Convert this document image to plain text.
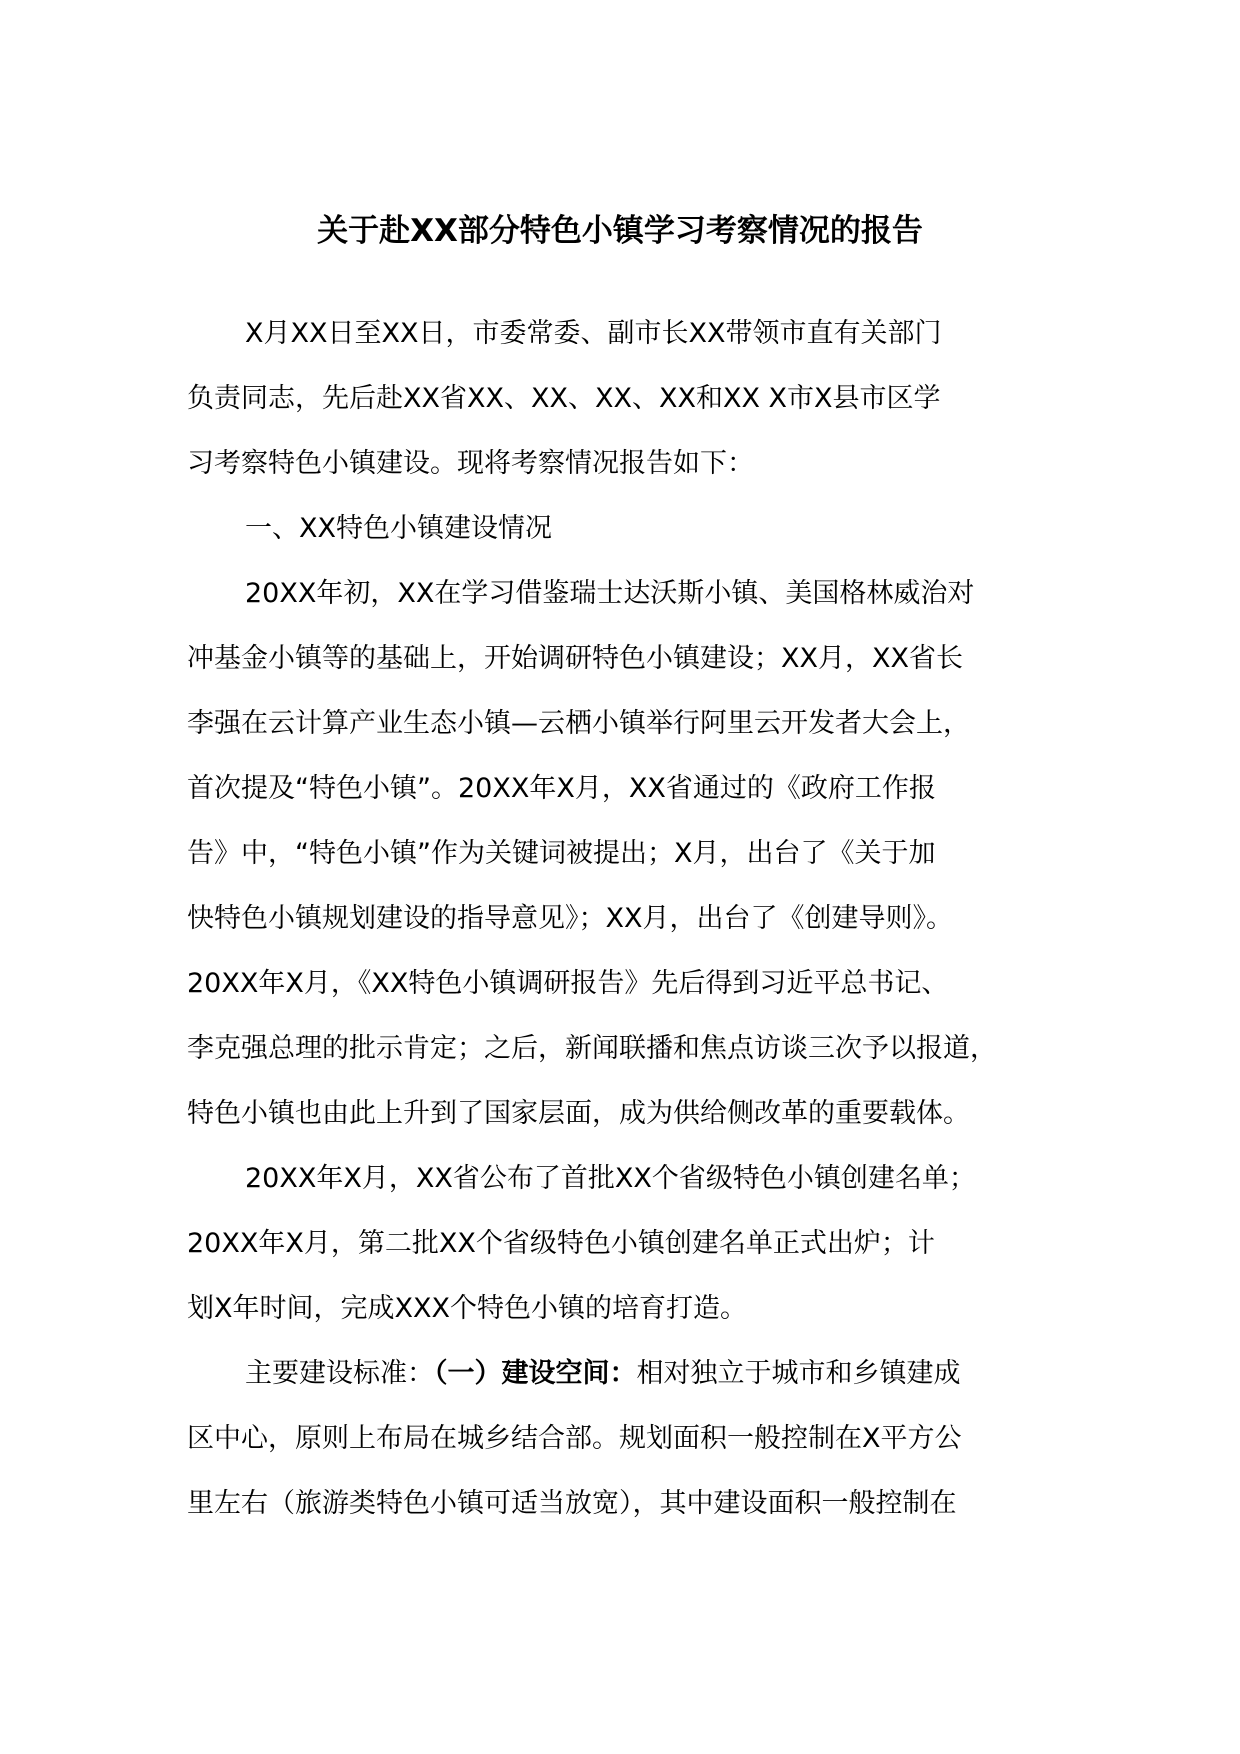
关于赴XX部分特色小镇学习考察情况的报告
X月XX日至XX日，市委常委、副市长XX带领市直有关部门
负责同志，先后赴XX省XX、XX、XX、XX和XX X市X县市区学
习考察特色小镇建设。现将考察情况报告如下：
一、XX特色小镇建设情况
20XX年初，XX在学习借鉴瑞士达沃斯小镇、美国格林威治对
冲基金小镇等的基础上，开始调研特色小镇建设；XX月，XX省长
李强在云计算产业生态小镇—云栖小镇举行阿里云开发者大会上，
首次提及“特色小镇”。20XX年X月，XX省通过的《政府工作报
告》中，“特色小镇”作为关键词被提出；X月，出台了《关于加
快特色小镇规划建设的指导意见》；XX月，出台了《创建导则》。
20XX年X月，《XX特色小镇调研报告》先后得到习近平总书记、
李克强总理的批示肯定；之后，新闻联播和焦点访谈三次予以报道，
特色小镇也由此上升到了国家层面，成为供给侧改革的重要载体。
20XX年X月，XX省公布了首批XX个省级特色小镇创建名单；
20XX年X月，第二批XX个省级特色小镇创建名单正式出炉；计
划X年时间，完成XXX个特色小镇的培育打造。
主要建设标准：（一）建设空间：相对独立于城市和乡镇建成
区中心，原则上布局在城乡结合部。规划面积一般控制在X平方公
里左右（旅游类特色小镇可适当放宽），其中建设面积一般控制在
